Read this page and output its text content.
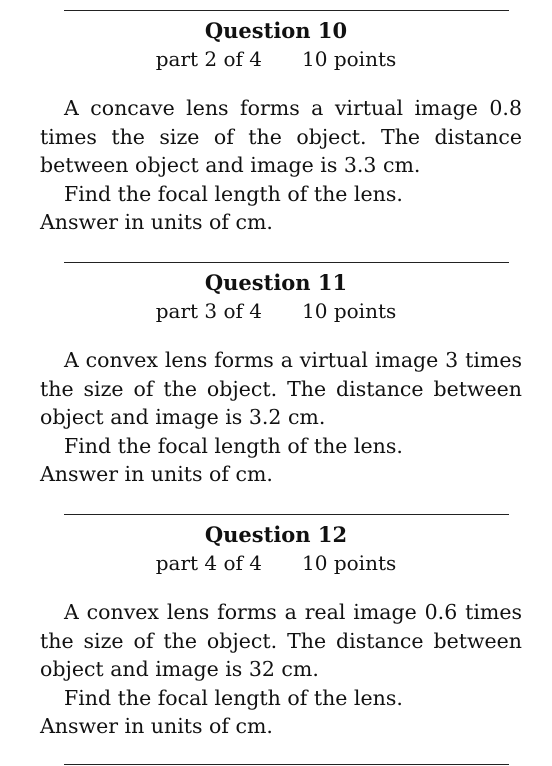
Question 10
part 2 of 4 10 points

A concave lens forms a virtual image 0.8 times the size of the object. The distance between object and image is 3.3 cm.

Find the focal length of the lens.

Answer in units of cm.

Question 11
part 3 of 4 10 points

A convex lens forms a virtual image 3 times the size of the object. The distance between object and image is 3.2 cm.

Find the focal length of the lens.

Answer in units of cm.

Question 12
part 4 of 4 10 points

A convex lens forms a real image 0.6 times the size of the object. The distance between object and image is 32 cm.

Find the focal length of the lens.

Answer in units of cm.
